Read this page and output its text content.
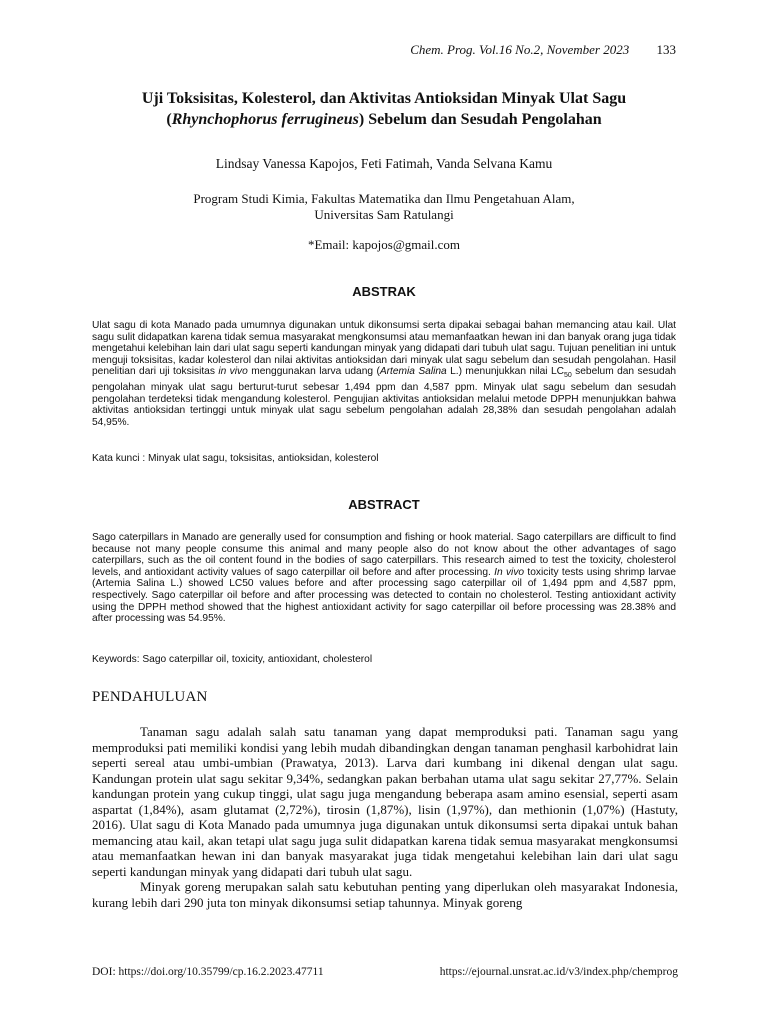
Chem. Prog. Vol.16 No.2, November 2023 133
Uji Toksisitas, Kolesterol, dan Aktivitas Antioksidan Minyak Ulat Sagu
(Rhynchophorus ferrugineus) Sebelum dan Sesudah Pengolahan
Lindsay Vanessa Kapojos, Feti Fatimah, Vanda Selvana Kamu
Program Studi Kimia, Fakultas Matematika dan Ilmu Pengetahuan Alam,
Universitas Sam Ratulangi
*Email: kapojos@gmail.com
ABSTRAK
Ulat sagu di kota Manado pada umumnya digunakan untuk dikonsumsi serta dipakai sebagai bahan memancing atau kail. Ulat sagu sulit didapatkan karena tidak semua masyarakat mengkonsumsi atau memanfaatkan hewan ini dan banyak orang juga tidak mengetahui kelebihan lain dari ulat sagu seperti kandungan minyak yang didapati dari tubuh ulat sagu. Tujuan penelitian ini untuk menguji toksisitas, kadar kolesterol dan nilai aktivitas antioksidan dari minyak ulat sagu sebelum dan sesudah pengolahan. Hasil penelitian dari uji toksisitas in vivo menggunakan larva udang (Artemia Salina L.) menunjukkan nilai $LC_{50}$ sebelum dan sesudah pengolahan minyak ulat sagu berturut-turut sebesar 1,494 ppm dan 4,587 ppm. Minyak ulat sagu sebelum dan sesudah pengolahan terdeteksi tidak mengandung kolesterol. Pengujian aktivitas antioksidan melalui metode DPPH menunjukkan bahwa aktivitas antioksidan tertinggi untuk minyak ulat sagu sebelum pengolahan adalah 28,38% dan sesudah pengolahan adalah 54,95%.
Kata kunci : Minyak ulat sagu, toksisitas, antioksidan, kolesterol
ABSTRACT
Sago caterpillars in Manado are generally used for consumption and fishing or hook material. Sago caterpillars are difficult to find because not many people consume this animal and many people also do not know about the other advantages of sago caterpillars, such as the oil content found in the bodies of sago caterpillars. This research aimed to test the toxicity, cholesterol levels, and antioxidant activity values of sago caterpillar oil before and after processing. In vivo toxicity tests using shrimp larvae (Artemia Salina L.) showed LC50 values before and after processing sago caterpillar oil of 1,494 ppm and 4,587 ppm, respectively. Sago caterpillar oil before and after processing was detected to contain no cholesterol. Testing antioxidant activity using the DPPH method showed that the highest antioxidant activity for sago caterpillar oil before processing was 28.38% and after processing was 54.95%.
Keywords: Sago caterpillar oil, toxicity, antioxidant, cholesterol
PENDAHULUAN

Tanaman sagu adalah salah satu tanaman yang dapat memproduksi pati. Tanaman sagu yang memproduksi pati memiliki kondisi yang lebih mudah dibandingkan dengan tanaman penghasil karbohidrat lain seperti sereal atau umbi-umbian (Prawatya, 2013). Larva dari kumbang ini dikenal dengan ulat sagu. Kandungan protein ulat sagu sekitar 9,34%, sedangkan pakan berbahan utama ulat sagu sekitar 27,77%. Selain kandungan protein yang cukup tinggi, ulat sagu juga mengandung beberapa asam amino esensial, seperti asam aspartat (1,84%), asam glutamat (2,72%), tirosin (1,87%), lisin (1,97%), dan methionin (1,07%) (Hastuty, 2016). Ulat sagu di Kota Manado pada umumnya juga digunakan untuk dikonsumsi serta dipakai untuk bahan memancing atau kail, akan tetapi ulat sagu juga sulit didapatkan karena tidak semua masyarakat mengkonsumsi atau memanfaatkan hewan ini dan banyak masyarakat juga tidak mengetahui kelebihan lain dari ulat sagu seperti kandungan minyak yang didapati dari tubuh ulat sagu.

Minyak goreng merupakan salah satu kebutuhan penting yang diperlukan oleh masyarakat Indonesia, kurang lebih dari 290 juta ton minyak dikonsumsi setiap tahunnya. Minyak goreng

DOI: https://doi.org/10.35799/cp.16.2.2023.47711	https://ejournal.unsrat.ac.id/v3/index.php/chemprog
